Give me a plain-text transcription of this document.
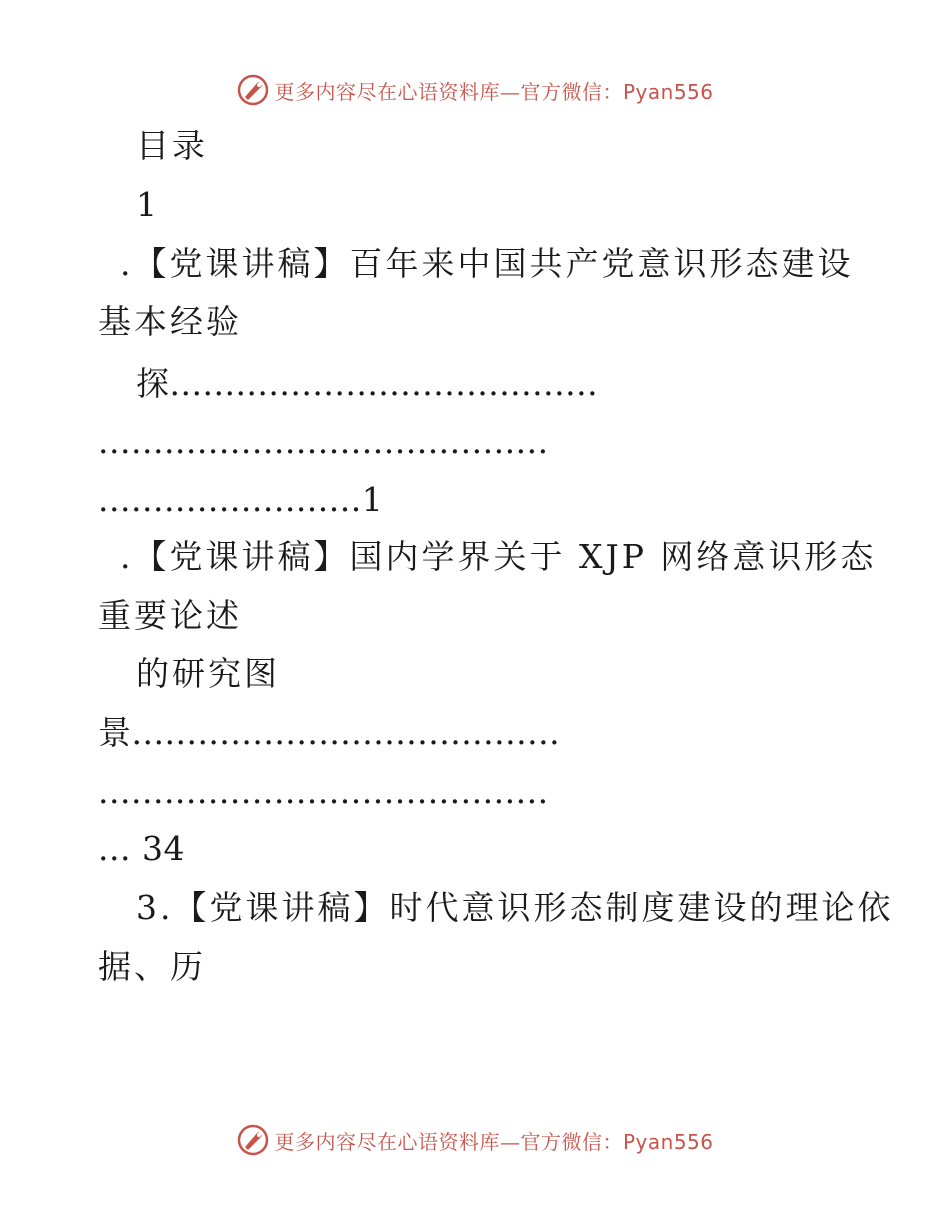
更多内容尽在心语资料库—官方微信：Pyan556
目录
1
.【党课讲稿】百年来中国共产党意识形态建设
基本经验
探.......................................
.........................................
........................1
.【党课讲稿】国内学界关于 XJP 网络意识形态
重要论述
的研究图
景.......................................
.........................................
... 34
3.【党课讲稿】时代意识形态制度建设的理论依
据、历
更多内容尽在心语资料库—官方微信：Pyan556
